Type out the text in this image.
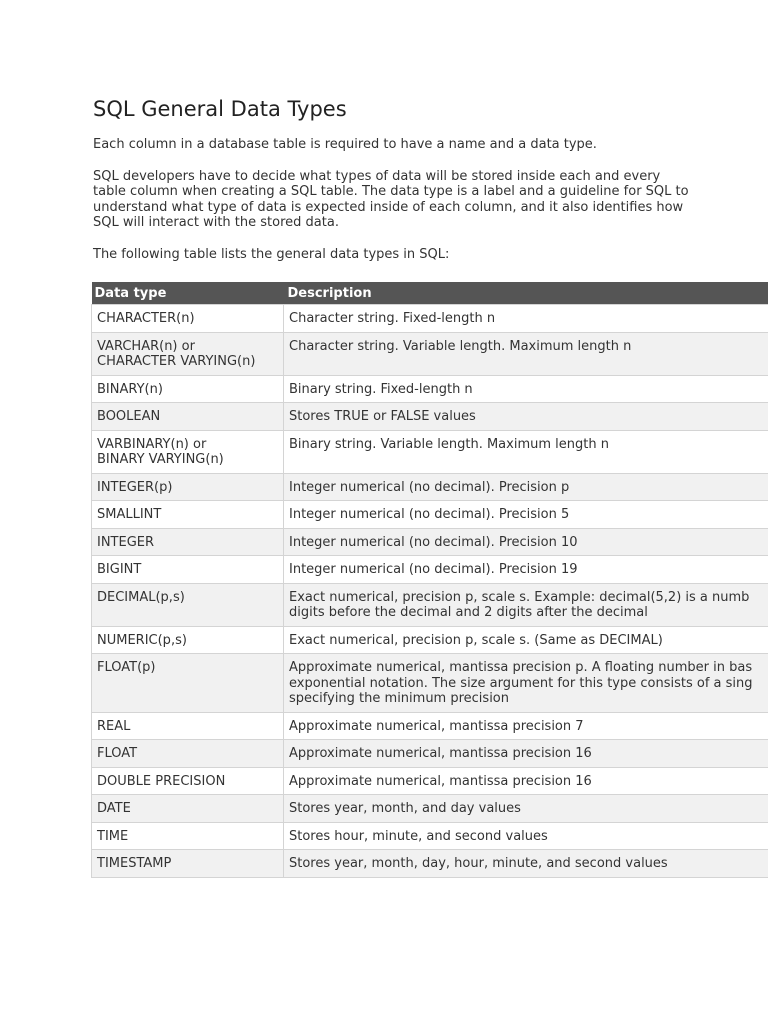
SQL General Data Types

Each column in a database table is required to have a name and a data type.

SQL developers have to decide what types of data will be stored inside each and every table column when creating a SQL table. The data type is a label and a guideline for SQL to understand what type of data is expected inside of each column, and it also identifies how SQL will interact with the stored data.

The following table lists the general data types in SQL:

Data type	Description

CHARACTER(n)	Character string. Fixed-length n

VARCHAR(n) or
CHARACTER VARYING(n)	Character string. Variable length. Maximum length n

BINARY(n)	Binary string. Fixed-length n

BOOLEAN	Stores TRUE or FALSE values

VARBINARY(n) or
BINARY VARYING(n)	Binary string. Variable length. Maximum length n

INTEGER(p)	Integer numerical (no decimal). Precision p

SMALLINT	Integer numerical (no decimal). Precision 5

INTEGER	Integer numerical (no decimal). Precision 10

BIGINT	Integer numerical (no decimal). Precision 19

DECIMAL(p,s)	Exact numerical, precision p, scale s. Example: decimal(5,2) is a numb
digits before the decimal and 2 digits after the decimal

NUMERIC(p,s)	Exact numerical, precision p, scale s. (Same as DECIMAL)

FLOAT(p)	Approximate numerical, mantissa precision p. A floating number in bas
exponential notation. The size argument for this type consists of a sing
specifying the minimum precision

REAL	Approximate numerical, mantissa precision 7

FLOAT	Approximate numerical, mantissa precision 16

DOUBLE PRECISION	Approximate numerical, mantissa precision 16

DATE	Stores year, month, and day values

TIME	Stores hour, minute, and second values

TIMESTAMP	Stores year, month, day, hour, minute, and second values
